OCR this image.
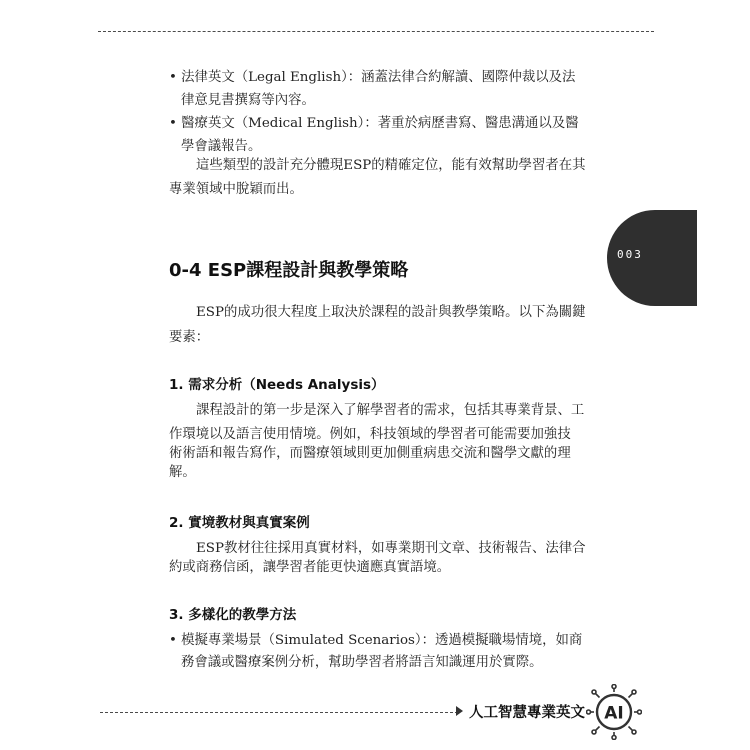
003
• 法律英文（Legal English）：涵蓋法律合約解讀、國際仲裁以及法
律意見書撰寫等內容。
• 醫療英文（Medical English）：著重於病歷書寫、醫患溝通以及醫
學會議報告。
這些類型的設計充分體現ESP的精確定位，能有效幫助學習者在其
專業領域中脫穎而出。
0-4 ESP課程設計與教學策略
ESP的成功很大程度上取決於課程的設計與教學策略。以下為關鍵
要素：
1. 需求分析（Needs Analysis）
課程設計的第一步是深入了解學習者的需求，包括其專業背景、工
作環境以及語言使用情境。例如，科技領域的學習者可能需要加強技
術術語和報告寫作，而醫療領域則更加側重病患交流和醫學文獻的理
解。
2. 實境教材與真實案例
ESP教材往往採用真實材料，如專業期刊文章、技術報告、法律合
約或商務信函，讓學習者能更快適應真實語境。
3. 多樣化的教學方法
• 模擬專業場景（Simulated Scenarios）：透過模擬職場情境，如商
務會議或醫療案例分析，幫助學習者將語言知識運用於實際。
人工智慧專業英文 AI
